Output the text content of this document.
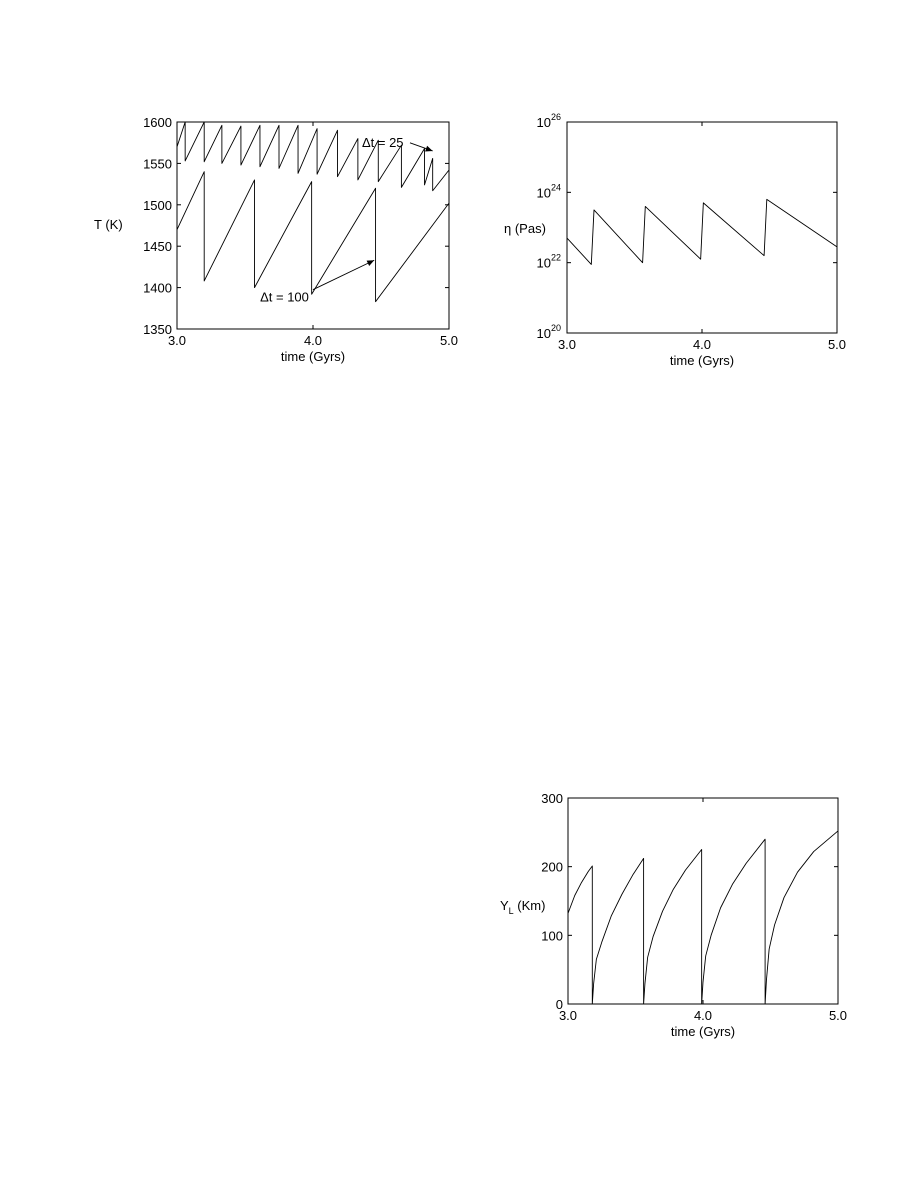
3.0	4.0	5.0
1350
1400
1450
1500
1550
1600
time (Gyrs)
T (K)
Δt = 25
Δt = 100
3.0	4.0	5.0
$10^{20}$
$10^{22}$
$10^{24}$
$10^{26}$
time (Gyrs)
η (Pas)
3.0	4.0	5.0
0
100
200
300
time (Gyrs)
$Y_L$ (Km)
